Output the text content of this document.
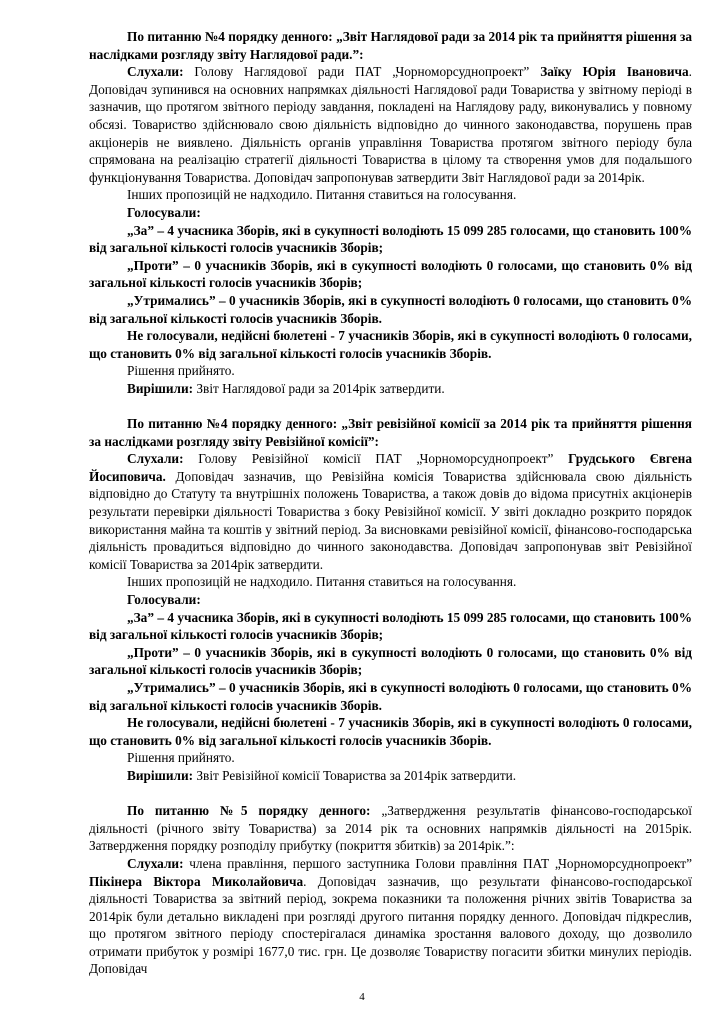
По питанню №4 порядку денного: „Звіт Наглядової ради за 2014 рік та прийняття рішення за наслідками розгляду звіту Наглядової ради.”:

Слухали: Голову Наглядової ради ПАТ „Чорноморсуднопроект” Заїку Юрія Івановича. Доповідач зупинився на основних напрямках діяльності Наглядової ради Товариства у звітному періоді в зазначив, що протягом звітного періоду завдання, покладені на Наглядову раду, виконувались у повному обсязі. Товариство здійснювало свою діяльність відповідно до чинного законодавства, порушень прав акціонерів не виявлено. Діяльність органів управління Товариства протягом звітного періоду була спрямована на реалізацію стратегії діяльності Товариства в цілому та створення умов для подальшого функціонування Товариства. Доповідач запропонував затвердити Звіт Наглядової ради за 2014рік.

Інших пропозицій не надходило. Питання ставиться на голосування.

Голосували:

„За” – 4 учасника Зборів, які в сукупності володіють 15 099 285 голосами, що становить 100% від загальної кількості голосів учасників Зборів;

„Проти” – 0 учасників Зборів, які в сукупності володіють 0 голосами, що становить 0% від загальної кількості голосів учасників Зборів;

„Утримались” – 0 учасників Зборів, які в сукупності володіють 0 голосами, що становить 0% від загальної кількості голосів учасників Зборів.

Не голосували, недійсні бюлетені - 7 учасників Зборів, які в сукупності володіють 0 голосами, що становить 0% від загальної кількості голосів учасників Зборів.

Рішення прийнято.

Вирішили: Звіт Наглядової ради за 2014рік затвердити.

По питанню №4 порядку денного: „Звіт ревізійної комісії за 2014 рік та прийняття рішення за наслідками розгляду звіту Ревізійної комісії”:

Слухали: Голову Ревізійної комісії ПАТ „Чорноморсуднопроект” Грудського Євгена Йосиповича. Доповідач зазначив, що Ревізійна комісія Товариства здійснювала свою діяльність відповідно до Статуту та внутрішніх положень Товариства, а також довів до відома присутніх акціонерів результати перевірки діяльності Товариства з боку Ревізійної комісії. У звіті докладно розкрито порядок використання майна та коштів у звітний період. За висновками ревізійної комісії, фінансово-господарська діяльність провадиться відповідно до чинного законодавства. Доповідач запропонував звіт Ревізійної комісії Товариства за 2014рік затвердити.

Інших пропозицій не надходило. Питання ставиться на голосування.

Голосували:

„За” – 4 учасника Зборів, які в сукупності володіють 15 099 285 голосами, що становить 100% від загальної кількості голосів учасників Зборів;

„Проти” – 0 учасників Зборів, які в сукупності володіють 0 голосами, що становить 0% від загальної кількості голосів учасників Зборів;

„Утримались” – 0 учасників Зборів, які в сукупності володіють 0 голосами, що становить 0% від загальної кількості голосів учасників Зборів.

Не голосували, недійсні бюлетені - 7 учасників Зборів, які в сукупності володіють 0 голосами, що становить 0% від загальної кількості голосів учасників Зборів.

Рішення прийнято.

Вирішили: Звіт Ревізійної комісії Товариства за 2014рік затвердити.

По питанню №5 порядку денного: „Затвердження результатів фінансово-господарської діяльності (річного звіту Товариства) за 2014 рік та основних напрямків діяльності на 2015рік. Затвердження порядку розподілу прибутку (покриття збитків) за 2014рік.”:

Слухали: члена правління, першого заступника Голови правління ПАТ „Чорноморсуднопроект” Пікінера Віктора Миколайовича. Доповідач зазначив, що результати фінансово-господарської діяльності Товариства за звітний період, зокрема показники та положення річних звітів Товариства за 2014рік були детально викладені при розгляді другого питання порядку денного. Доповідач підкреслив, що протягом звітного періоду спостерігалася динаміка зростання валового доходу, що дозволило отримати прибуток у розмірі 1677,0 тис. грн. Це дозволяє Товариству погасити збитки минулих періодів. Доповідач

4
